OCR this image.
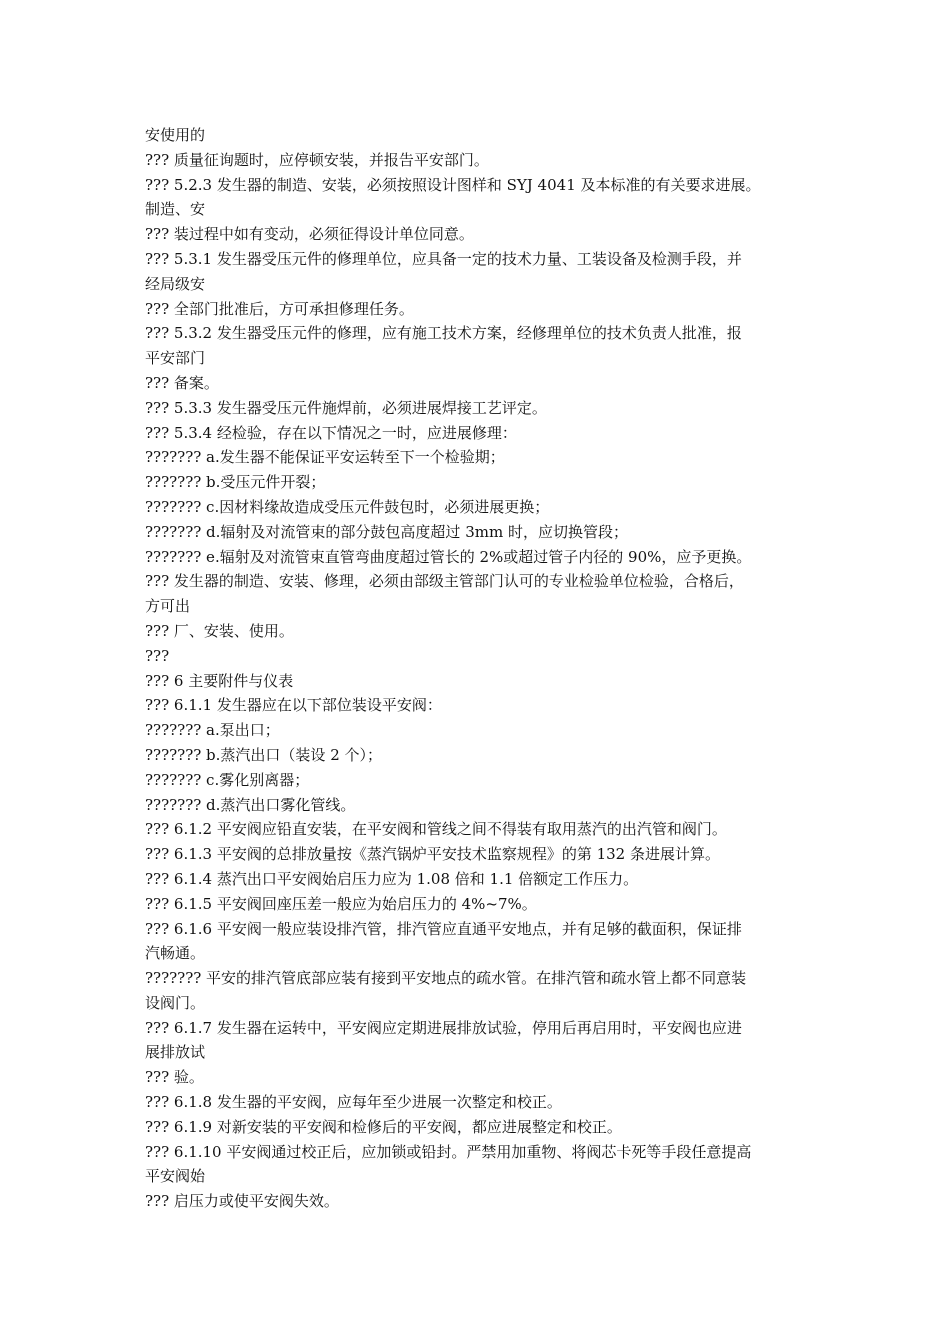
安使用的
??? 质量征询题时，应停顿安装，并报告平安部门。
??? 5.2.3 发生器的制造、安装，必须按照设计图样和 SYJ 4041 及本标准的有关要求进展。
制造、安
??? 装过程中如有变动，必须征得设计单位同意。
??? 5.3.1 发生器受压元件的修理单位，应具备一定的技术力量、工装设备及检测手段，并
经局级安
??? 全部门批准后，方可承担修理任务。
??? 5.3.2 发生器受压元件的修理，应有施工技术方案，经修理单位的技术负责人批准，报
平安部门
??? 备案。
??? 5.3.3 发生器受压元件施焊前，必须进展焊接工艺评定。
??? 5.3.4 经检验，存在以下情况之一时，应进展修理：
??????? a.发生器不能保证平安运转至下一个检验期；
??????? b.受压元件开裂；
??????? c.因材料缘故造成受压元件鼓包时，必须进展更换；
??????? d.辐射及对流管束的部分鼓包高度超过 3mm 时，应切换管段；
??????? e.辐射及对流管束直管弯曲度超过管长的 2%或超过管子内径的 90%，应予更换。
??? 发生器的制造、安装、修理，必须由部级主管部门认可的专业检验单位检验，合格后，
方可出
??? 厂、安装、使用。
???
??? 6 主要附件与仪表
??? 6.1.1 发生器应在以下部位装设平安阀：
??????? a.泵出口；
??????? b.蒸汽出口（装设 2 个）；
??????? c.雾化别离器；
??????? d.蒸汽出口雾化管线。
??? 6.1.2 平安阀应铅直安装，在平安阀和管线之间不得装有取用蒸汽的出汽管和阀门。
??? 6.1.3 平安阀的总排放量按《蒸汽锅炉平安技术监察规程》的第 132 条进展计算。
??? 6.1.4 蒸汽出口平安阀始启压力应为 1.08 倍和 1.1 倍额定工作压力。
??? 6.1.5 平安阀回座压差一般应为始启压力的 4%~7%。
??? 6.1.6 平安阀一般应装设排汽管，排汽管应直通平安地点，并有足够的截面积，保证排
汽畅通。
??????? 平安的排汽管底部应装有接到平安地点的疏水管。在排汽管和疏水管上都不同意装
设阀门。
??? 6.1.7 发生器在运转中，平安阀应定期进展排放试验，停用后再启用时，平安阀也应进
展排放试
??? 验。
??? 6.1.8 发生器的平安阀，应每年至少进展一次整定和校正。
??? 6.1.9 对新安装的平安阀和检修后的平安阀，都应进展整定和校正。
??? 6.1.10 平安阀通过校正后，应加锁或铅封。严禁用加重物、将阀芯卡死等手段任意提高
平安阀始
??? 启压力或使平安阀失效。
